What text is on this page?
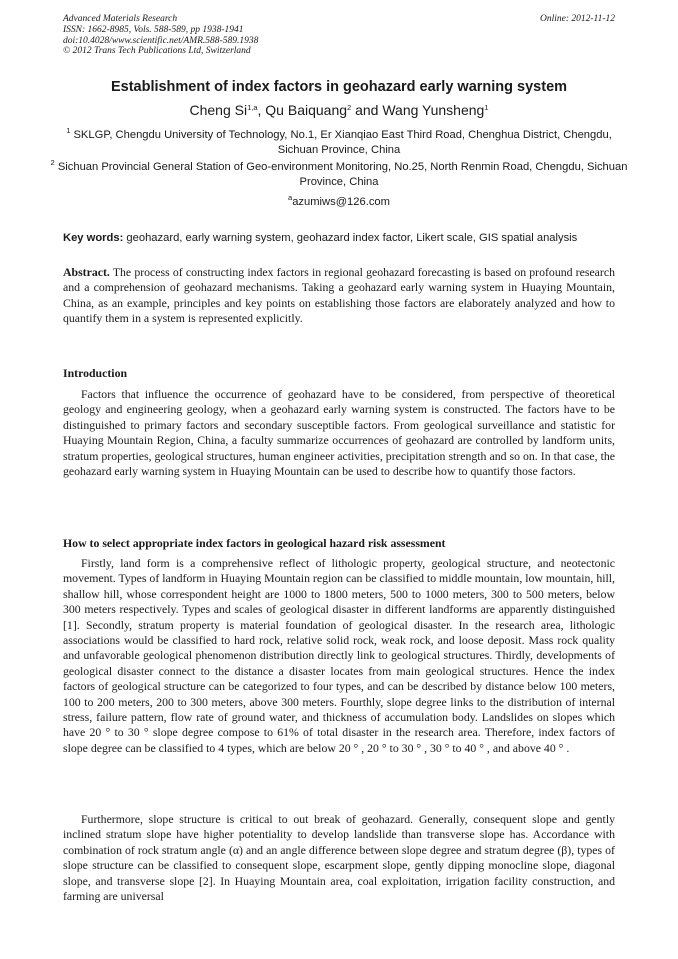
Advanced Materials Research
ISSN: 1662-8985, Vols. 588-589, pp 1938-1941
doi:10.4028/www.scientific.net/AMR.588-589.1938
© 2012 Trans Tech Publications Ltd, Switzerland
Online: 2012-11-12
Establishment of index factors in geohazard early warning system
Cheng Si$^{1,a}$, Qu Baiquang$^2$ and Wang Yunsheng$^1$
$^1$ SKLGP, Chengdu University of Technology, No.1, Er Xianqiao East Third Road, Chenghua District, Chengdu, Sichuan Province, China
$^2$ Sichuan Provincial General Station of Geo-environment Monitoring, No.25, North Renmin Road, Chengdu, Sichuan Province, China
$^a$azumiws@126.com
Key words: geohazard, early warning system, geohazard index factor, Likert scale, GIS spatial analysis
Abstract. The process of constructing index factors in regional geohazard forecasting is based on profound research and a comprehension of geohazard mechanisms. Taking a geohazard early warning system in Huaying Mountain, China, as an example, principles and key points on establishing those factors are elaborately analyzed and how to quantify them in a system is represented explicitly.
Introduction

Factors that influence the occurrence of geohazard have to be considered, from perspective of theoretical geology and engineering geology, when a geohazard early warning system is constructed. The factors have to be distinguished to primary factors and secondary susceptible factors. From geological surveillance and statistic for Huaying Mountain Region, China, a faculty summarize occurrences of geohazard are controlled by landform units, stratum properties, geological structures, human engineer activities, precipitation strength and so on. In that case, the geohazard early warning system in Huaying Mountain can be used to describe how to quantify those factors.

How to select appropriate index factors in geological hazard risk assessment

Firstly, land form is a comprehensive reflect of lithologic property, geological structure, and neotectonic movement. Types of landform in Huaying Mountain region can be classified to middle mountain, low mountain, hill, shallow hill, whose correspondent height are 1000 to 1800 meters, 500 to 1000 meters, 300 to 500 meters, below 300 meters respectively. Types and scales of geological disaster in different landforms are apparently distinguished [1]. Secondly, stratum property is material foundation of geological disaster. In the research area, lithologic associations would be classified to hard rock, relative solid rock, weak rock, and loose deposit. Mass rock quality and unfavorable geological phenomenon distribution directly link to geological structures. Thirdly, developments of geological disaster connect to the distance a disaster locates from main geological structures. Hence the index factors of geological structure can be categorized to four types, and can be described by distance below 100 meters, 100 to 200 meters, 200 to 300 meters, above 300 meters. Fourthly, slope degree links to the distribution of internal stress, failure pattern, flow rate of ground water, and thickness of accumulation body. Landslides on slopes which have 20 ° to 30 ° slope degree compose to 61% of total disaster in the research area. Therefore, index factors of slope degree can be classified to 4 types, which are below 20 ° , 20 ° to 30 ° , 30 ° to 40 ° , and above 40 ° .

Furthermore, slope structure is critical to out break of geohazard. Generally, consequent slope and gently inclined stratum slope have higher potentiality to develop landslide than transverse slope has. Accordance with combination of rock stratum angle (α) and an angle difference between slope degree and stratum degree (β), types of slope structure can be classified to consequent slope, escarpment slope, gently dipping monocline slope, diagonal slope, and transverse slope [2]. In Huaying Mountain area, coal exploitation, irrigation facility construction, and farming are universal
